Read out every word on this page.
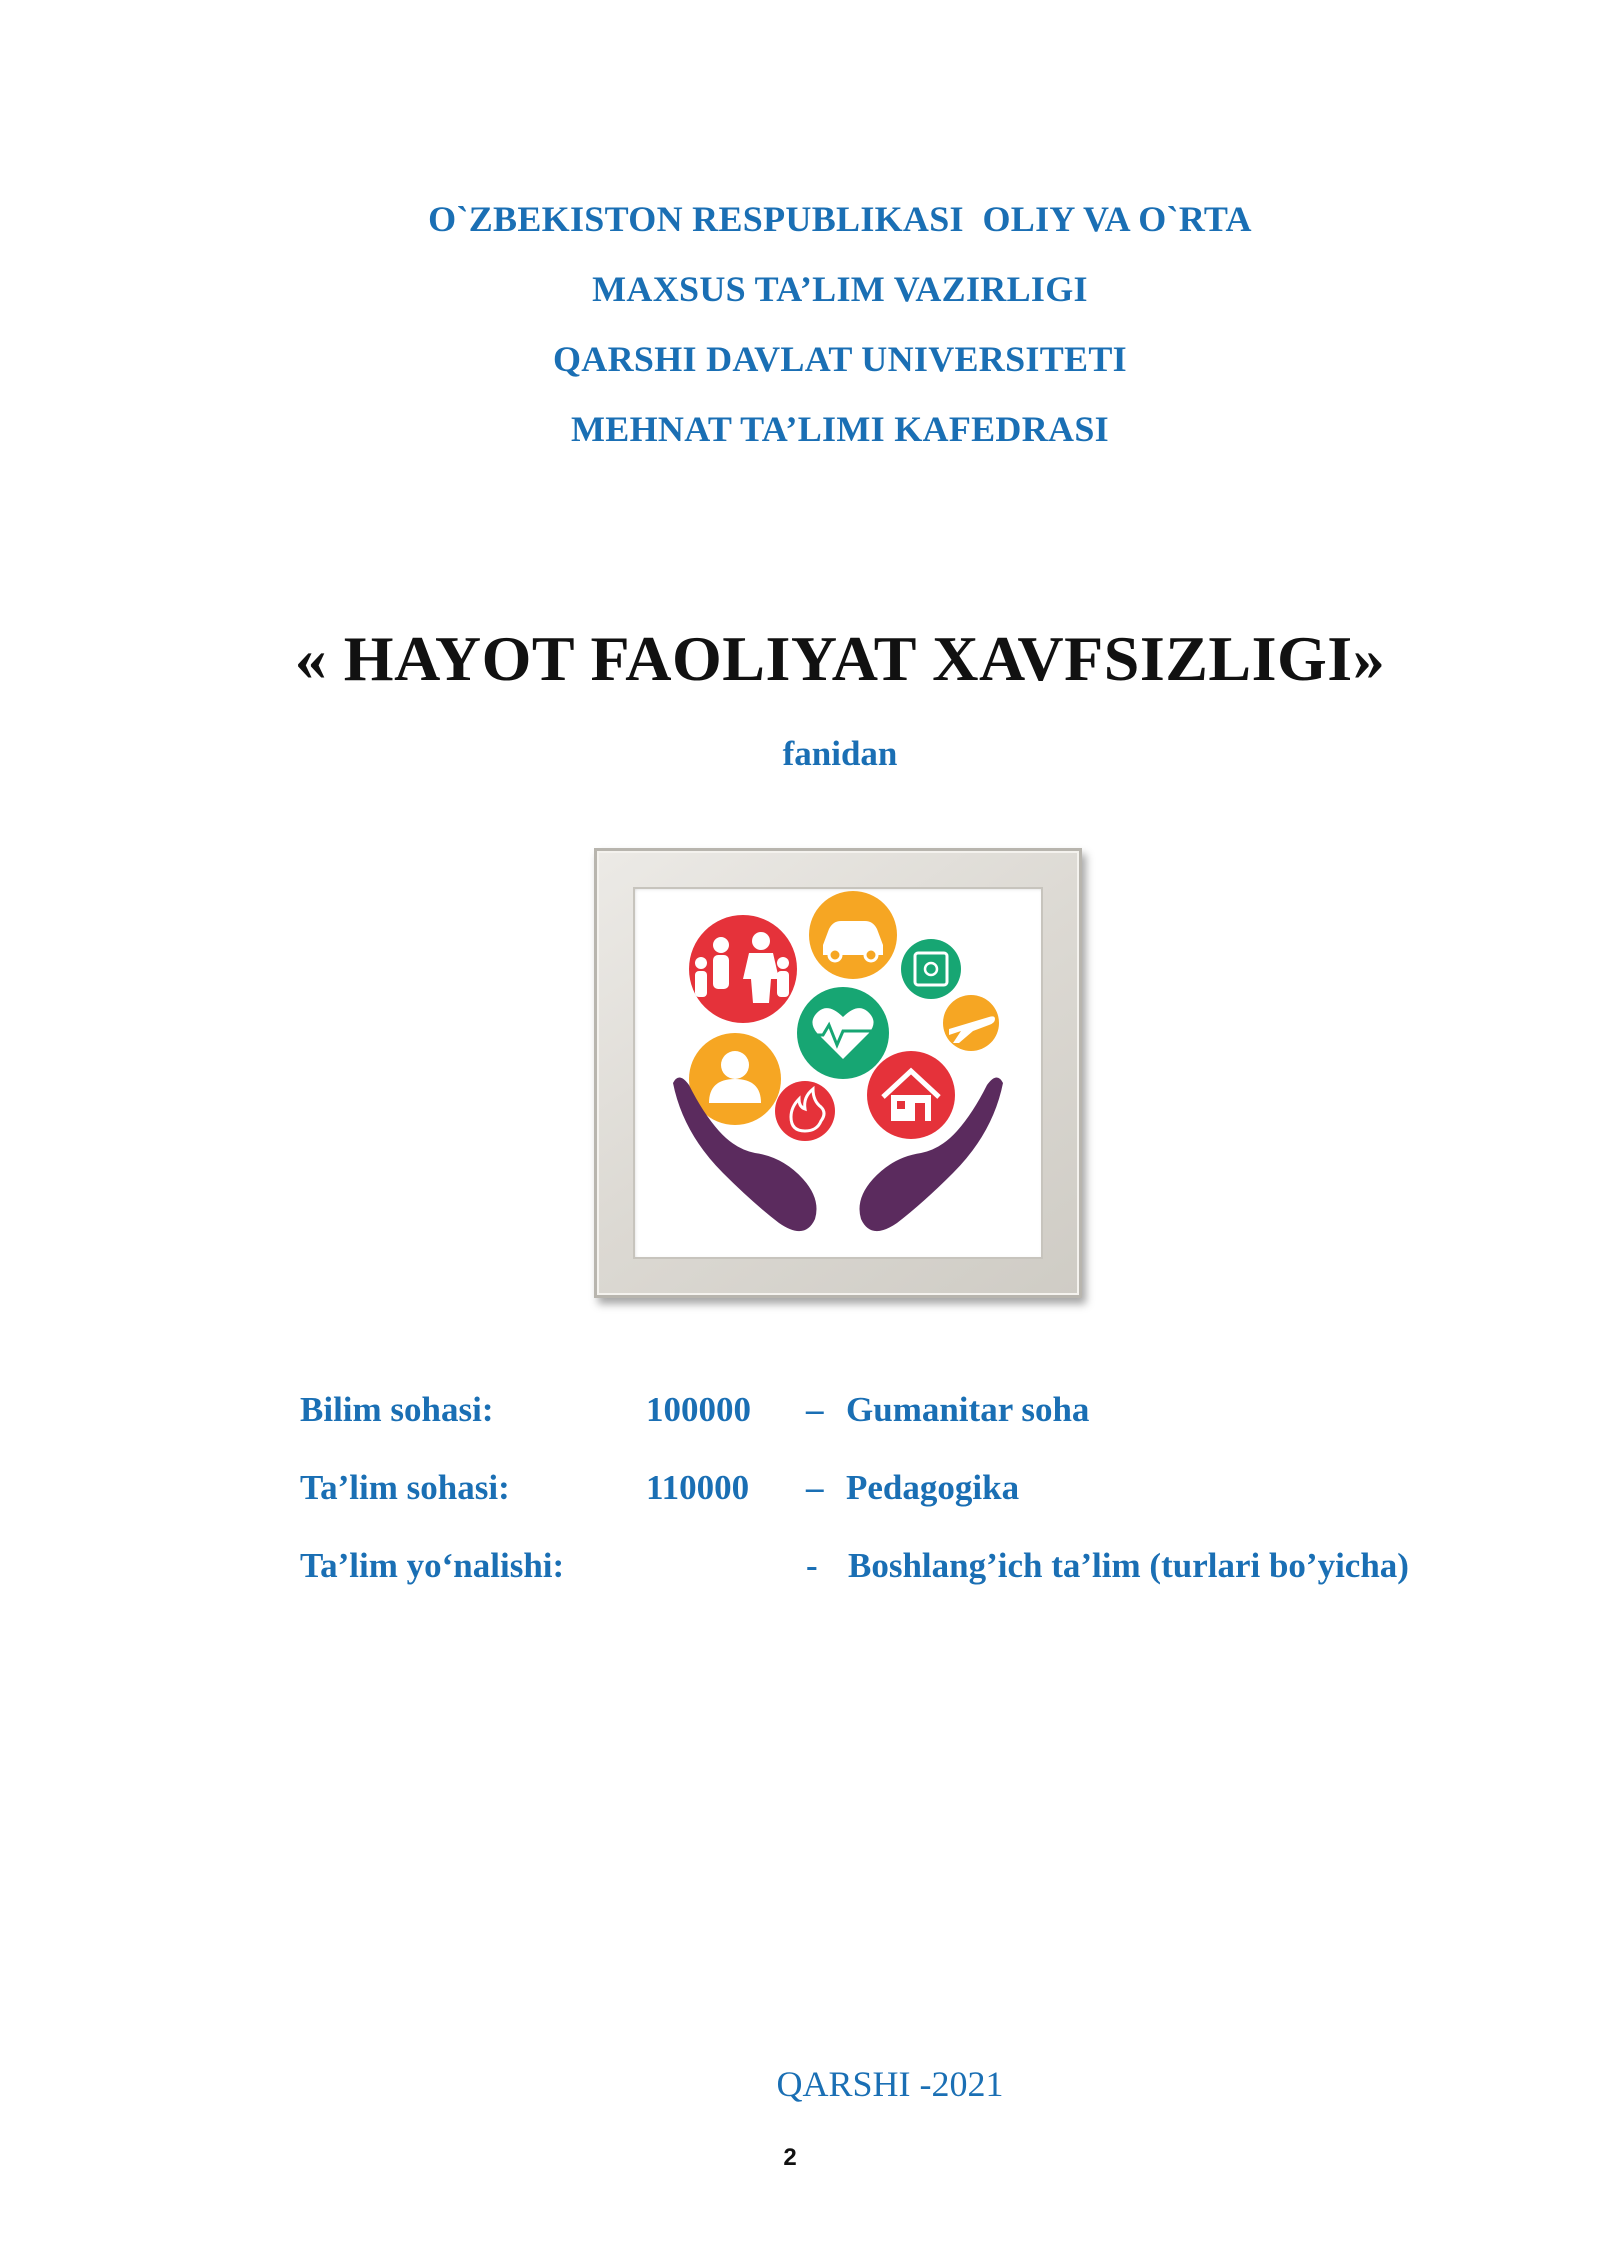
O`ZBEKISTON RESPUBLIKASI  OLIY VA O`RTA
MAXSUS TA’LIM VAZIRLIGI
QARSHI DAVLAT UNIVERSITETI
MEHNAT TA’LIMI KAFEDRASI
« HAYOT FAOLIYAT XAVFSIZLIGI»
fanidan
Bilim sohasi:	100000 – Gumanitar soha
Ta’lim sohasi:	110000 – Pedagogika
Ta’lim yo‘nalishi:	- Boshlang’ich ta’lim (turlari bo’yicha)
QARSHI -2021
2
